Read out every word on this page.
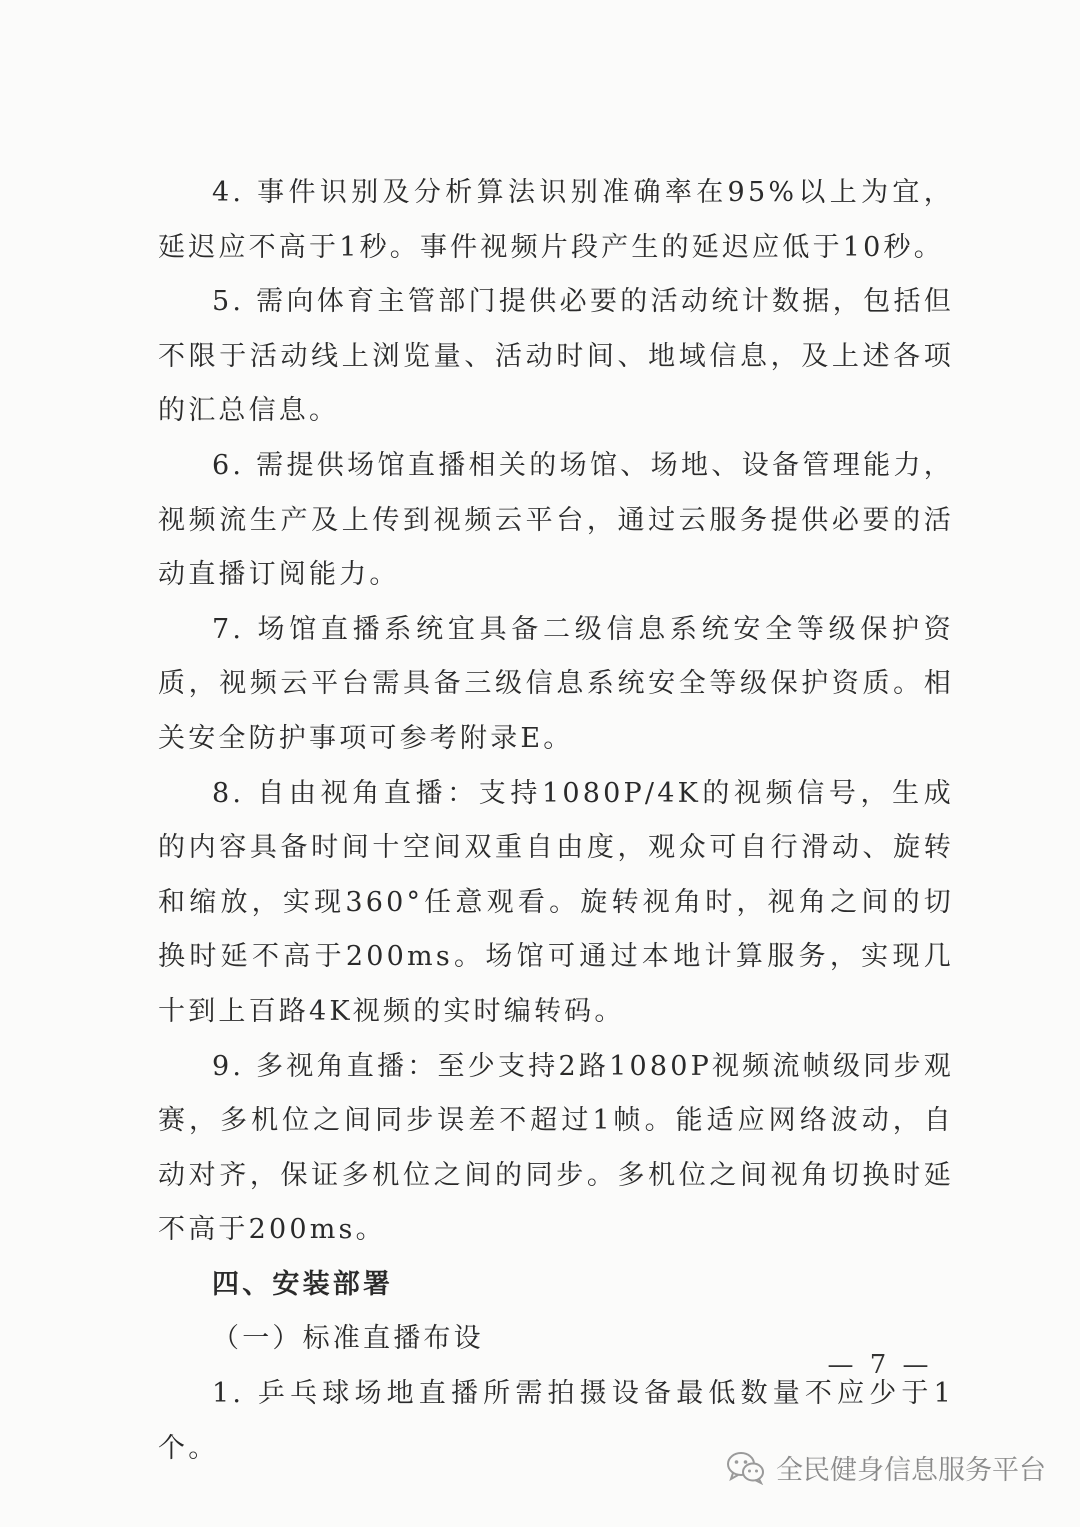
4. 事件识别及分析算法识别准确率在95%以上为宜，延迟应不高于1秒。事件视频片段产生的延迟应低于10秒。

5. 需向体育主管部门提供必要的活动统计数据，包括但不限于活动线上浏览量、活动时间、地域信息，及上述各项的汇总信息。

6. 需提供场馆直播相关的场馆、场地、设备管理能力，视频流生产及上传到视频云平台，通过云服务提供必要的活动直播订阅能力。

7. 场馆直播系统宜具备二级信息系统安全等级保护资质，视频云平台需具备三级信息系统安全等级保护资质。相关安全防护事项可参考附录E。

8. 自由视角直播：支持1080P/4K的视频信号，生成的内容具备时间十空间双重自由度，观众可自行滑动、旋转和缩放，实现360°任意观看。旋转视角时，视角之间的切换时延不高于200ms。场馆可通过本地计算服务，实现几十到上百路4K视频的实时编转码。

9. 多视角直播：至少支持2路1080P视频流帧级同步观赛，多机位之间同步误差不超过1帧。能适应网络波动，自动对齐，保证多机位之间的同步。多机位之间视角切换时延不高于200ms。

四、安装部署

（一）标准直播布设

1. 乒乓球场地直播所需拍摄设备最低数量不应少于1个。

— 7 —
全民健身信息服务平台
